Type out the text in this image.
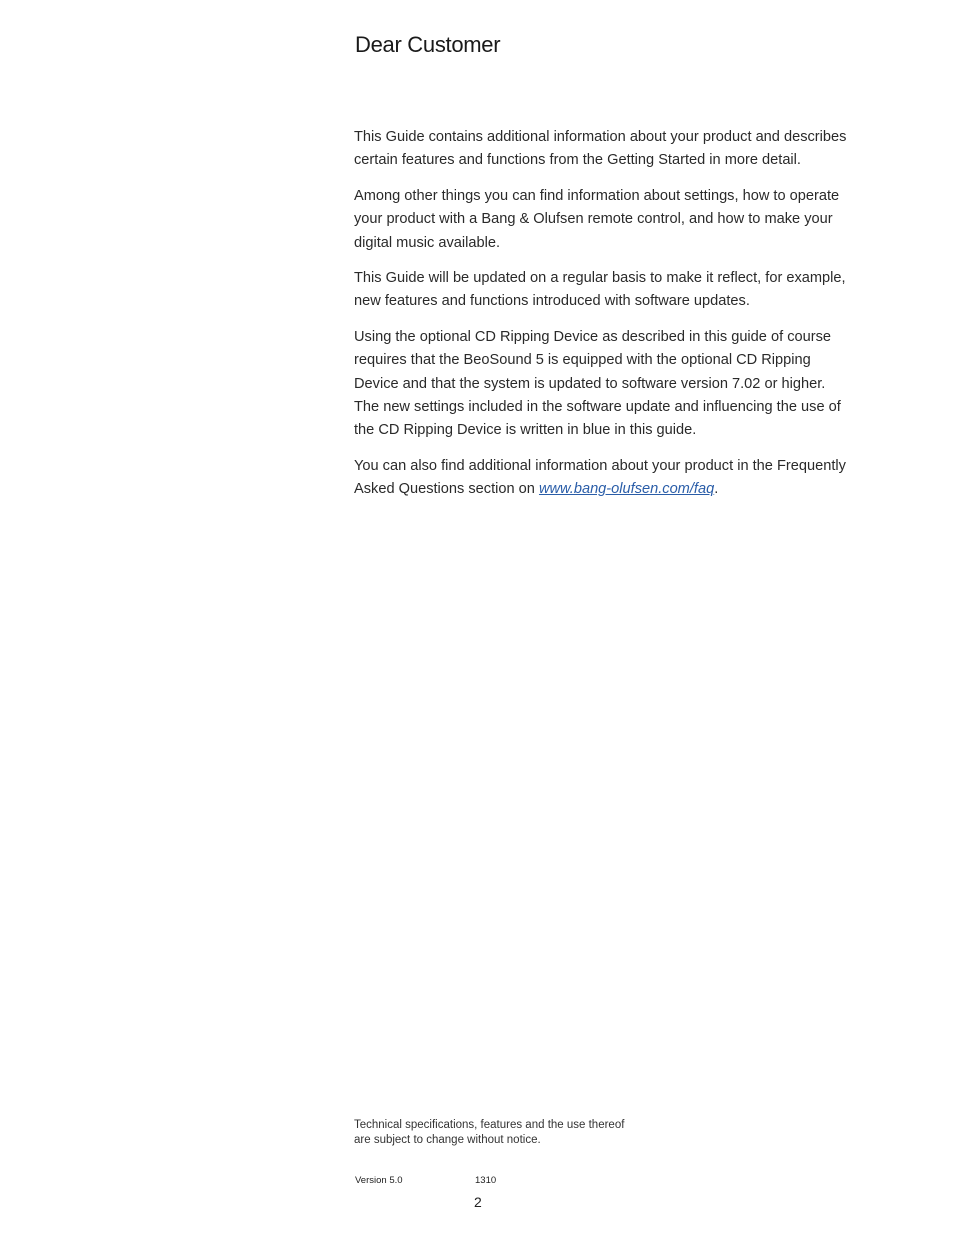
Dear Customer

This Guide contains additional information about your product and describes certain features and functions from the Getting Started in more detail.

Among other things you can find information about settings, how to operate your product with a Bang & Olufsen remote control, and how to make your digital music available.

This Guide will be updated on a regular basis to make it reflect, for example, new features and functions introduced with software updates.

Using the optional CD Ripping Device as described in this guide of course requires that the BeoSound 5 is equipped with the optional CD Ripping Device and that the system is updated to software version 7.02 or higher. The new settings included in the software update and influencing the use of the CD Ripping Device is written in blue in this guide.

You can also find additional information about your product in the Frequently Asked Questions section on www.bang-olufsen.com/faq.

Technical specifications, features and the use thereof are subject to change without notice.
Version 5.0	1310
2
